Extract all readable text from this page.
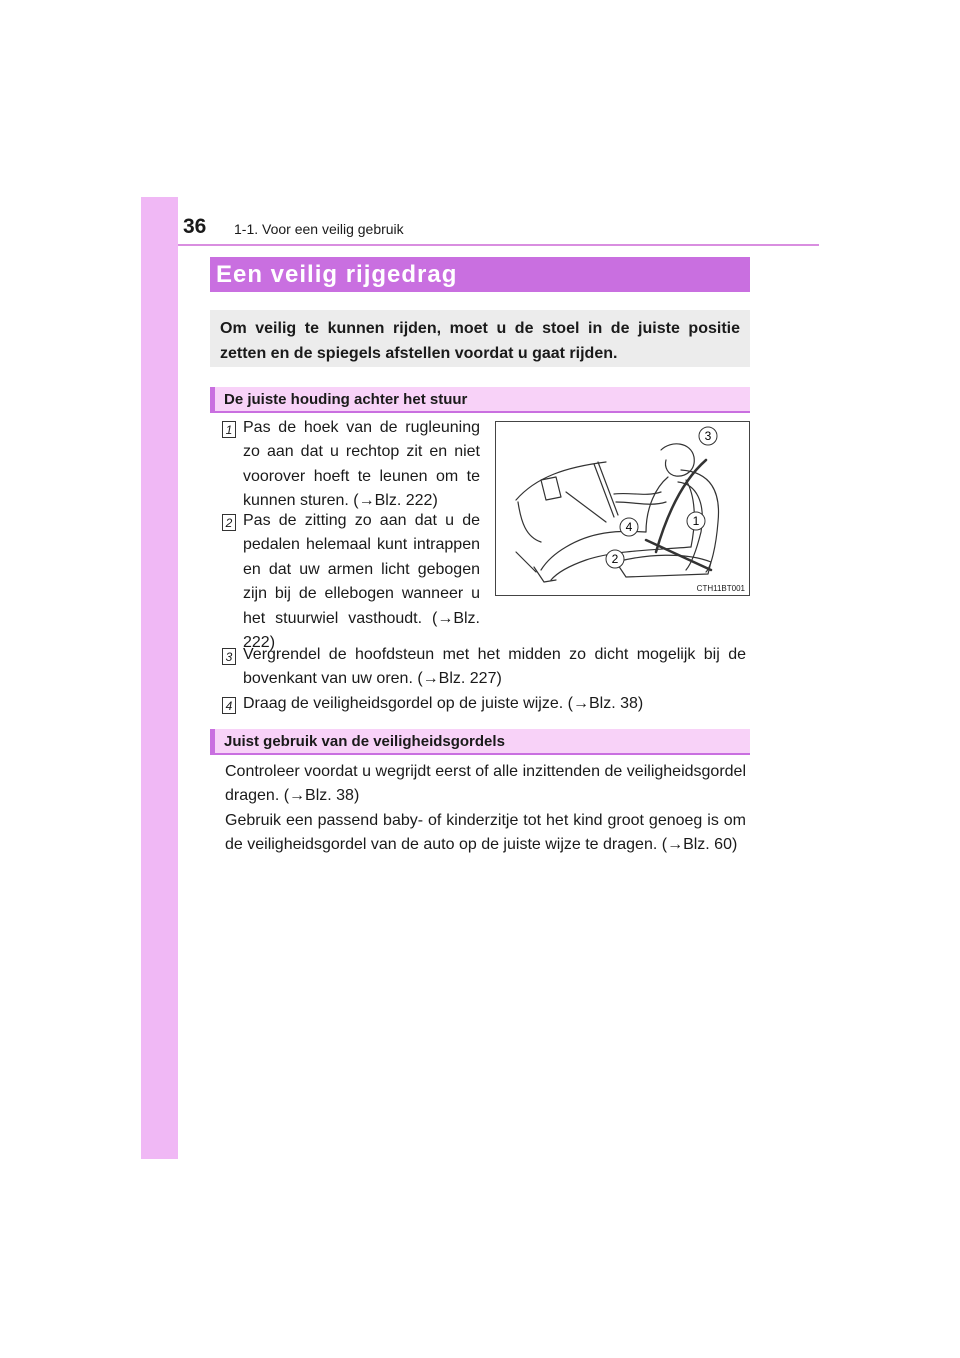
36 1-1. Voor een veilig gebruik
Een veilig rijgedrag
Om veilig te kunnen rijden, moet u de stoel in de juiste positie zetten en de spiegels afstellen voordat u gaat rijden.
De juiste houding achter het stuur
1 Pas de hoek van de rugleuning zo aan dat u rechtop zit en niet voorover hoeft te leunen om te kunnen sturen. (→Blz. 222)
2 Pas de zitting zo aan dat u de pedalen helemaal kunt intrappen en dat uw armen licht gebogen zijn bij de ellebogen wanneer u het stuurwiel vasthoudt. (→Blz. 222)
3
1
4
2
CTH11BT001
3 Vergrendel de hoofdsteun met het midden zo dicht mogelijk bij de bovenkant van uw oren. (→Blz. 227)
4 Draag de veiligheidsgordel op de juiste wijze. (→Blz. 38)
Juist gebruik van de veiligheidsgordels

Controleer voordat u wegrijdt eerst of alle inzittenden de veiligheidsgordel dragen. (→Blz. 38)

Gebruik een passend baby- of kinderzitje tot het kind groot genoeg is om de veiligheidsgordel van de auto op de juiste wijze te dragen. (→Blz. 60)
